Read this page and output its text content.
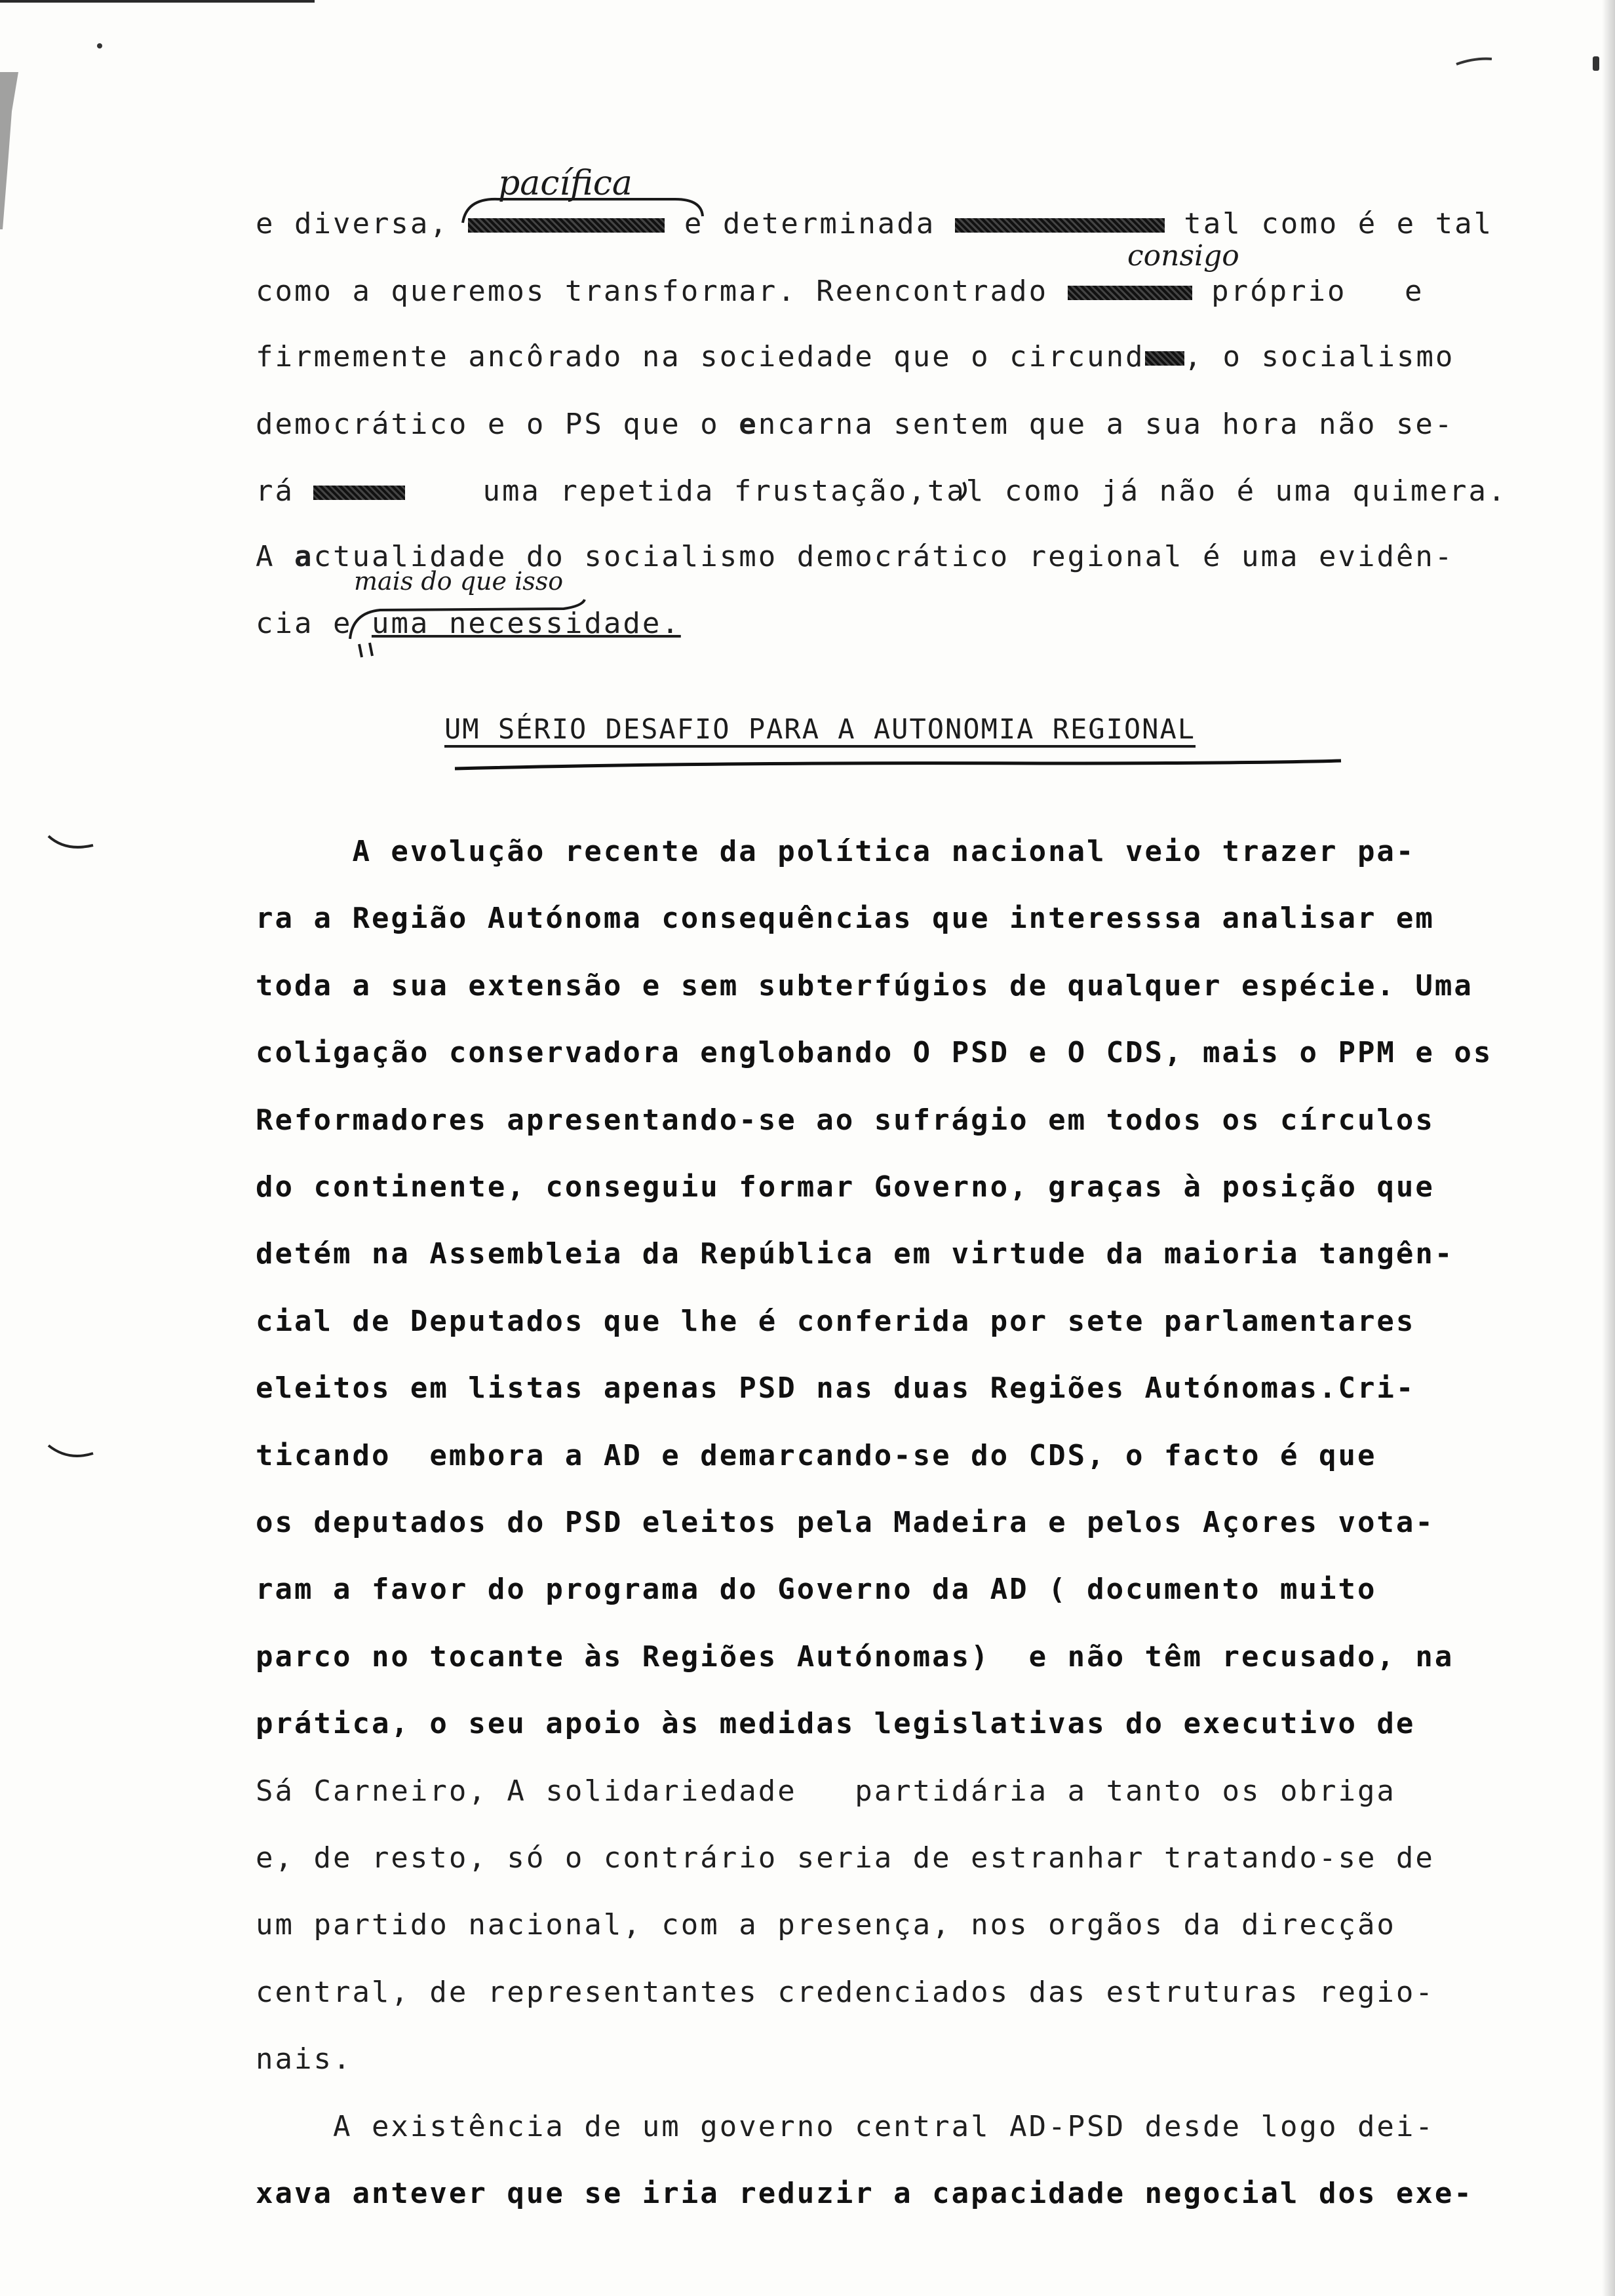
e diversa,	e determinada	tal como é e tal
como a queremos transformar. Reencontrado	próprio   e
firmemente ancôrado na sociedade que o circund , o socialismo
democrático e o PS que o encarna sentem que a sua hora não se-
rá	uma repetida frustação,tal como já não é uma quimera.
A actualidade do socialismo democrático regional é uma evidên-
cia e uma necessidade.
pacífica
consigo
mais do que isso
UM SÉRIO DESAFIO PARA A AUTONOMIA REGIONAL
A evolução recente da política nacional veio trazer pa-
ra a Região Autónoma consequências que interesssa analisar em
toda a sua extensão e sem subterfúgios de qualquer espécie. Uma
coligação conservadora englobando O PSD e O CDS, mais o PPM e os
Reformadores apresentando-se ao sufrágio em todos os círculos
do continente, conseguiu formar Governo, graças à posição que
detém na Assembleia da República em virtude da maioria tangên-
cial de Deputados que lhe é conferida por sete parlamentares
eleitos em listas apenas PSD nas duas Regiões Autónomas.Cri-
ticando  embora a AD e demarcando-se do CDS, o facto é que
os deputados do PSD eleitos pela Madeira e pelos Açores vota-
ram a favor do programa do Governo da AD ( documento muito
parco no tocante às Regiões Autónomas)  e não têm recusado, na
prática, o seu apoio às medidas legislativas do executivo de
Sá Carneiro, A solidariedade   partidária a tanto os obriga
e, de resto, só o contrário seria de estranhar tratando-se de
um partido nacional, com a presença, nos orgãos da direcção
central, de representantes credenciados das estruturas regio-
nais.
A existência de um governo central AD-PSD desde logo dei-
xava antever que se iria reduzir a capacidade negocial dos exe-
